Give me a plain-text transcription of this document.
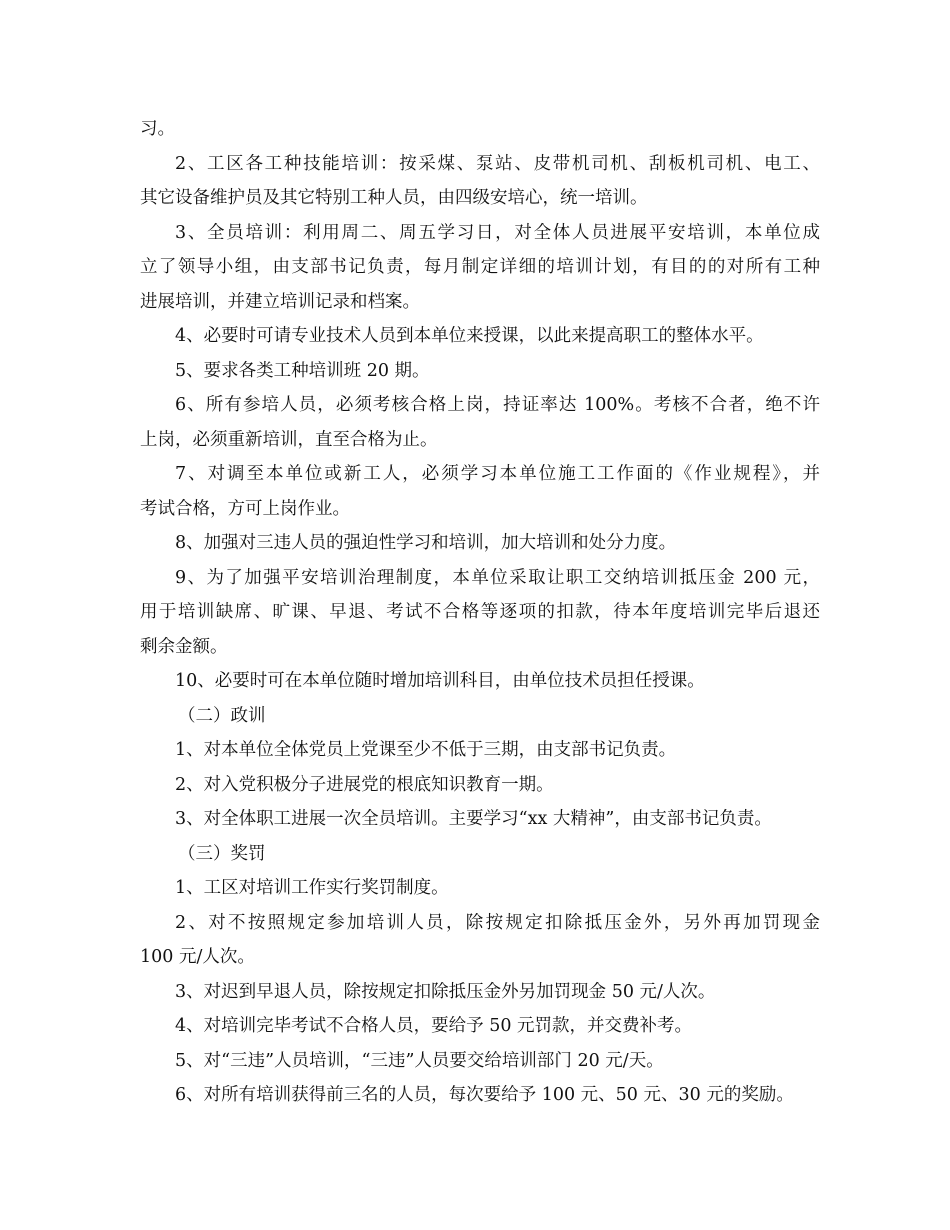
习。
2、工区各工种技能培训：按采煤、泵站、皮带机司机、刮板机司机、电工、
其它设备维护员及其它特别工种人员，由四级安培心，统一培训。
3、全员培训：利用周二、周五学习日，对全体人员进展平安培训，本单位成
立了领导小组，由支部书记负责，每月制定详细的培训计划，有目的的对所有工种
进展培训，并建立培训记录和档案。
4、必要时可请专业技术人员到本单位来授课，以此来提高职工的整体水平。
5、要求各类工种培训班 20 期。
6、所有参培人员，必须考核合格上岗，持证率达 100%。考核不合者，绝不许
上岗，必须重新培训，直至合格为止。
7、对调至本单位或新工人，必须学习本单位施工工作面的《作业规程》，并
考试合格，方可上岗作业。
8、加强对三违人员的强迫性学习和培训，加大培训和处分力度。
9、为了加强平安培训治理制度，本单位采取让职工交纳培训抵压金 200 元，
用于培训缺席、旷课、早退、考试不合格等逐项的扣款，待本年度培训完毕后退还
剩余金额。
10、必要时可在本单位随时增加培训科目，由单位技术员担任授课。
（二）政训
1、对本单位全体党员上党课至少不低于三期，由支部书记负责。
2、对入党积极分子进展党的根底知识教育一期。
3、对全体职工进展一次全员培训。主要学习“xx 大精神”，由支部书记负责。
（三）奖罚
1、工区对培训工作实行奖罚制度。
2、对不按照规定参加培训人员，除按规定扣除抵压金外，另外再加罚现金
100 元/人次。
3、对迟到早退人员，除按规定扣除抵压金外另加罚现金 50 元/人次。
4、对培训完毕考试不合格人员，要给予 50 元罚款，并交费补考。
5、对“三违”人员培训，“三违”人员要交给培训部门 20 元/天。
6、对所有培训获得前三名的人员，每次要给予 100 元、50 元、30 元的奖励。
